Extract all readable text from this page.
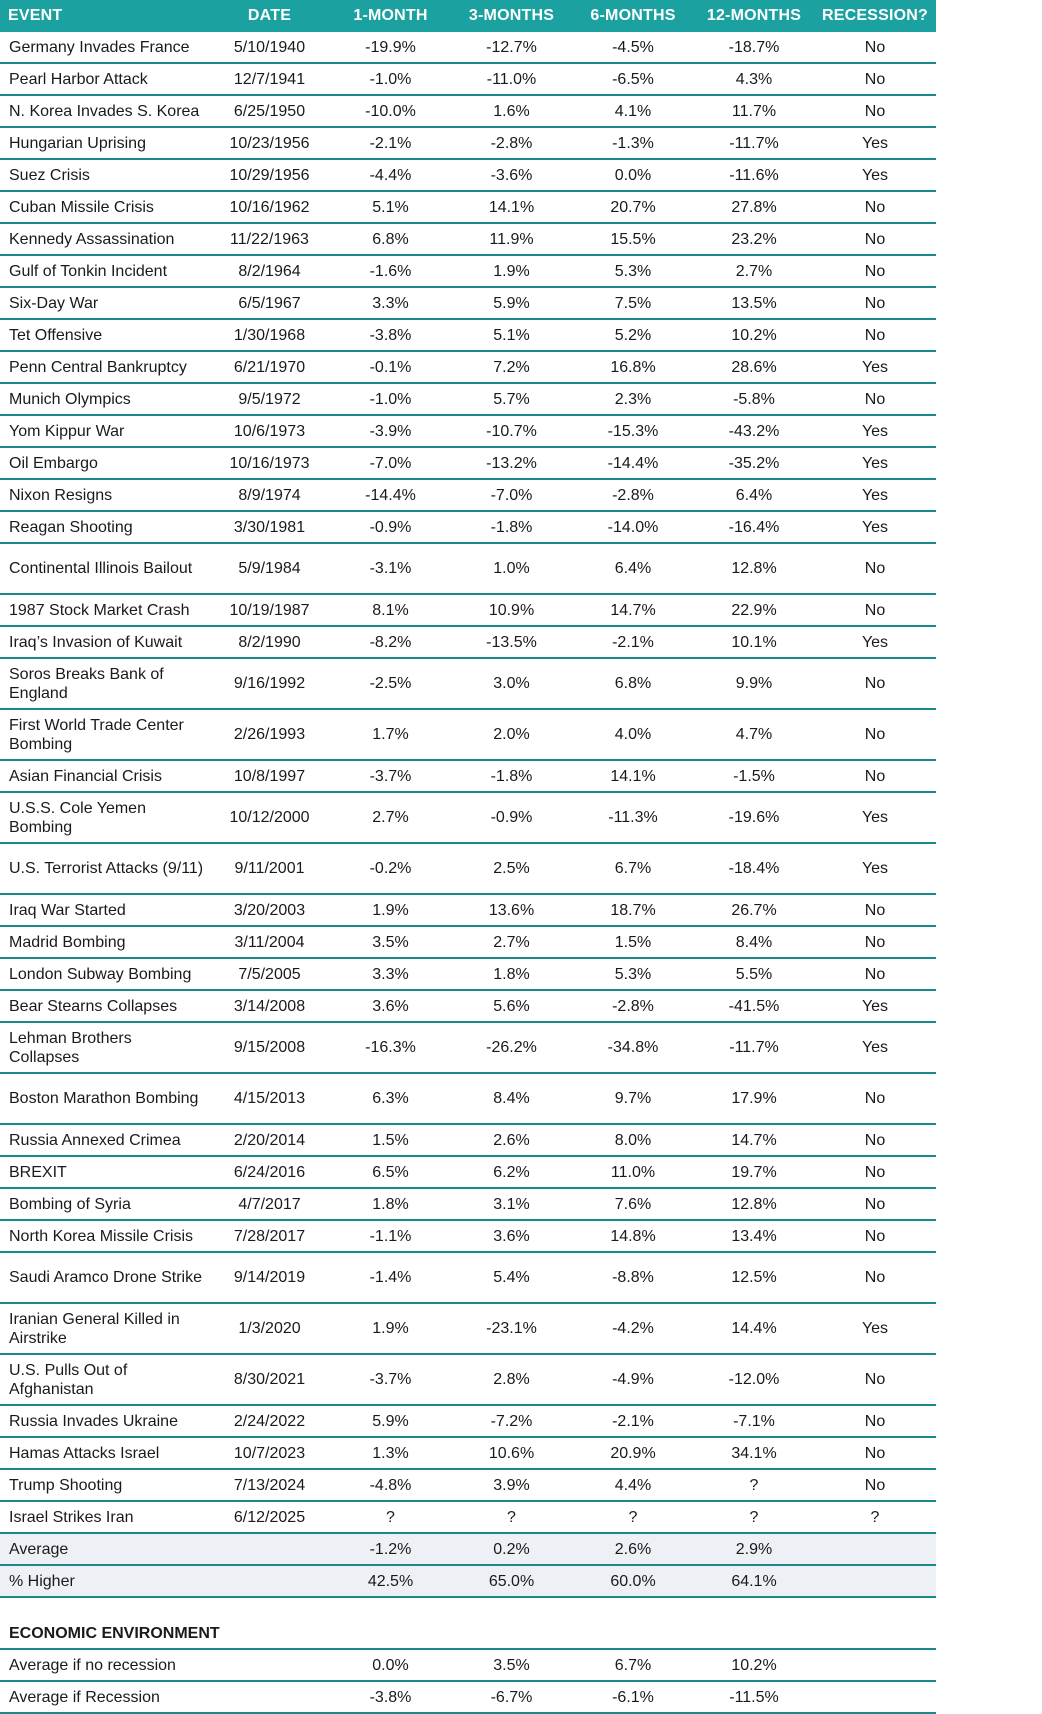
EVENT	DATE	1-MONTH	3-MONTHS	6-MONTHS	12-MONTHS	RECESSION?
Germany Invades France	5/10/1940	-19.9%	-12.7%	-4.5%	-18.7%	No
Pearl Harbor Attack	12/7/1941	-1.0%	-11.0%	-6.5%	4.3%	No
N. Korea Invades S. Korea	6/25/1950	-10.0%	1.6%	4.1%	11.7%	No
Hungarian Uprising	10/23/1956	-2.1%	-2.8%	-1.3%	-11.7%	Yes
Suez Crisis	10/29/1956	-4.4%	-3.6%	0.0%	-11.6%	Yes
Cuban Missile Crisis	10/16/1962	5.1%	14.1%	20.7%	27.8%	No
Kennedy Assassination	11/22/1963	6.8%	11.9%	15.5%	23.2%	No
Gulf of Tonkin Incident	8/2/1964	-1.6%	1.9%	5.3%	2.7%	No
Six-Day War	6/5/1967	3.3%	5.9%	7.5%	13.5%	No
Tet Offensive	1/30/1968	-3.8%	5.1%	5.2%	10.2%	No
Penn Central Bankruptcy	6/21/1970	-0.1%	7.2%	16.8%	28.6%	Yes
Munich Olympics	9/5/1972	-1.0%	5.7%	2.3%	-5.8%	No
Yom Kippur War	10/6/1973	-3.9%	-10.7%	-15.3%	-43.2%	Yes
Oil Embargo	10/16/1973	-7.0%	-13.2%	-14.4%	-35.2%	Yes
Nixon Resigns	8/9/1974	-14.4%	-7.0%	-2.8%	6.4%	Yes
Reagan Shooting	3/30/1981	-0.9%	-1.8%	-14.0%	-16.4%	Yes
Continental Illinois Bailout	5/9/1984	-3.1%	1.0%	6.4%	12.8%	No
1987 Stock Market Crash	10/19/1987	8.1%	10.9%	14.7%	22.9%	No
Iraq’s Invasion of Kuwait	8/2/1990	-8.2%	-13.5%	-2.1%	10.1%	Yes
Soros Breaks Bank of England	9/16/1992	-2.5%	3.0%	6.8%	9.9%	No
First World Trade Center Bombing	2/26/1993	1.7%	2.0%	4.0%	4.7%	No
Asian Financial Crisis	10/8/1997	-3.7%	-1.8%	14.1%	-1.5%	No
U.S.S. Cole Yemen Bombing	10/12/2000	2.7%	-0.9%	-11.3%	-19.6%	Yes
U.S. Terrorist Attacks (9/11)	9/11/2001	-0.2%	2.5%	6.7%	-18.4%	Yes
Iraq War Started	3/20/2003	1.9%	13.6%	18.7%	26.7%	No
Madrid Bombing	3/11/2004	3.5%	2.7%	1.5%	8.4%	No
London Subway Bombing	7/5/2005	3.3%	1.8%	5.3%	5.5%	No
Bear Stearns Collapses	3/14/2008	3.6%	5.6%	-2.8%	-41.5%	Yes
Lehman Brothers Collapses	9/15/2008	-16.3%	-26.2%	-34.8%	-11.7%	Yes
Boston Marathon Bombing	4/15/2013	6.3%	8.4%	9.7%	17.9%	No
Russia Annexed Crimea	2/20/2014	1.5%	2.6%	8.0%	14.7%	No
BREXIT	6/24/2016	6.5%	6.2%	11.0%	19.7%	No
Bombing of Syria	4/7/2017	1.8%	3.1%	7.6%	12.8%	No
North Korea Missile Crisis	7/28/2017	-1.1%	3.6%	14.8%	13.4%	No
Saudi Aramco Drone Strike	9/14/2019	-1.4%	5.4%	-8.8%	12.5%	No
Iranian General Killed in Airstrike	1/3/2020	1.9%	-23.1%	-4.2%	14.4%	Yes
U.S. Pulls Out of Afghanistan	8/30/2021	-3.7%	2.8%	-4.9%	-12.0%	No
Russia Invades Ukraine	2/24/2022	5.9%	-7.2%	-2.1%	-7.1%	No
Hamas Attacks Israel	10/7/2023	1.3%	10.6%	20.9%	34.1%	No
Trump Shooting	7/13/2024	-4.8%	3.9%	4.4%	?	No
Israel Strikes Iran	6/12/2025	?	?	?	?	?
Average		-1.2%	0.2%	2.6%	2.9%	
% Higher		42.5%	65.0%	60.0%	64.1%	

ECONOMIC ENVIRONMENT						
Average if no recession		0.0%	3.5%	6.7%	10.2%	
Average if Recession		-3.8%	-6.7%	-6.1%	-11.5%	
